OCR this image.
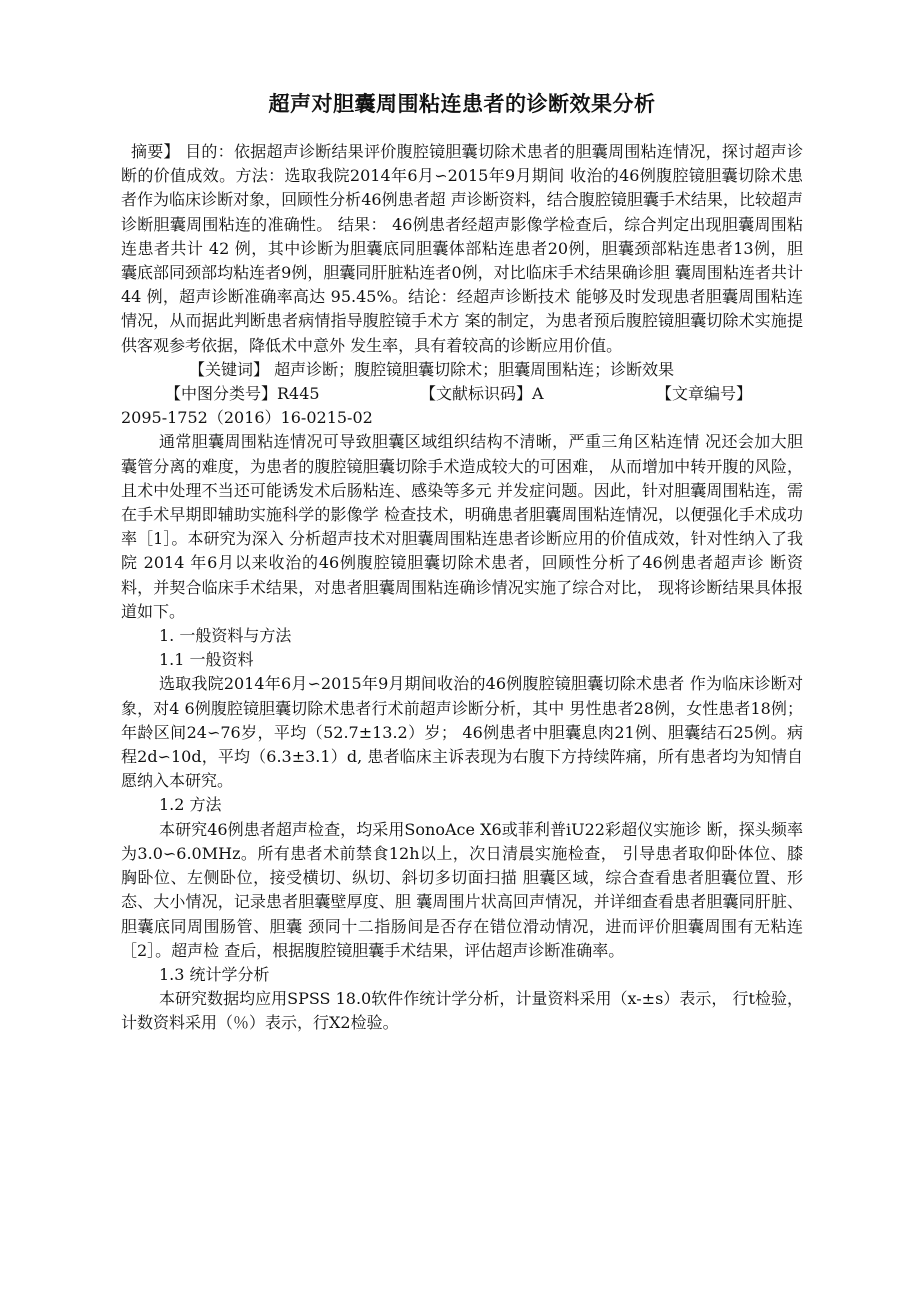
超声对胆囊周围粘连患者的诊断效果分析

摘要】 目的：依据超声诊断结果评价腹腔镜胆囊切除术患者的胆囊周围粘连情况，探讨超声诊断的价值成效。方法：选取我院2014年6月∽2015年9月期间 收治的46例腹腔镜胆囊切除术患者作为临床诊断对象，回顾性分析46例患者超 声诊断资料，结合腹腔镜胆囊手术结果，比较超声诊断胆囊周围粘连的准确性。 结果： 46例患者经超声影像学检查后，综合判定出现胆囊周围粘连患者共计 42 例，其中诊断为胆囊底同胆囊体部粘连患者20例，胆囊颈部粘连患者13例，胆 囊底部同颈部均粘连者9例，胆囊同肝脏粘连者0例，对比临床手术结果确诊胆 囊周围粘连者共计 44 例，超声诊断准确率高达 95.45%。结论：经超声诊断技术 能够及时发现患者胆囊周围粘连情况，从而据此判断患者病情指导腹腔镜手术方 案的制定，为患者预后腹腔镜胆囊切除术实施提供客观参考依据，降低术中意外 发生率，具有着较高的诊断应用价值。

【关键词】 超声诊断；腹腔镜胆囊切除术；胆囊周围粘连；诊断效果

【中图分类号】R445	【文献标识码】A	【文章编号】

2095-1752（2016）16-0215-02

通常胆囊周围粘连情况可导致胆囊区域组织结构不清晰，严重三角区粘连情 况还会加大胆囊管分离的难度，为患者的腹腔镜胆囊切除手术造成较大的可困难， 从而增加中转开腹的风险，且术中处理不当还可能诱发术后肠粘连、感染等多元 并发症问题。因此，针对胆囊周围粘连，需在手术早期即辅助实施科学的影像学 检查技术，明确患者胆囊周围粘连情况，以便强化手术成功率［1］。本研究为深入 分析超声技术对胆囊周围粘连患者诊断应用的价值成效，针对性纳入了我院 2014 年6月以来收治的46例腹腔镜胆囊切除术患者，回顾性分析了46例患者超声诊 断资料，并契合临床手术结果，对患者胆囊周围粘连确诊情况实施了综合对比， 现将诊断结果具体报道如下。

1. 一般资料与方法
1.1 一般资料

选取我院2014年6月∽2015年9月期间收治的46例腹腔镜胆囊切除术患者 作为临床诊断对象，对4 6例腹腔镜胆囊切除术患者行术前超声诊断分析，其中 男性患者28例，女性患者18例；年龄区间24∽76岁，平均（52.7±13.2）岁； 46例患者中胆囊息肉21例、胆囊结石25例。病程2d∽10d，平均（6.3±3.1）d, 患者临床主诉表现为右腹下方持续阵痛，所有患者均为知情自愿纳入本研究。

1.2 方法

本研究46例患者超声检查，均采用SonoAce X6或菲利普iU22彩超仪实施诊 断，探头频率为3.0∽6.0MHz。所有患者术前禁食12h以上，次日清晨实施检查， 引导患者取仰卧体位、膝胸卧位、左侧卧位，接受横切、纵切、斜切多切面扫描 胆囊区域，综合查看患者胆囊位置、形态、大小情况，记录患者胆囊壁厚度、胆 囊周围片状高回声情况，并详细查看患者胆囊同肝脏、胆囊底同周围肠管、胆囊 颈同十二指肠间是否存在错位滑动情况，进而评价胆囊周围有无粘连［2］。超声检 查后，根据腹腔镜胆囊手术结果，评估超声诊断准确率。

1.3 统计学分析

本研究数据均应用SPSS 18.0软件作统计学分析，计量资料采用（x-±s）表示， 行t检验，计数资料采用（％）表示，行X2检验。
